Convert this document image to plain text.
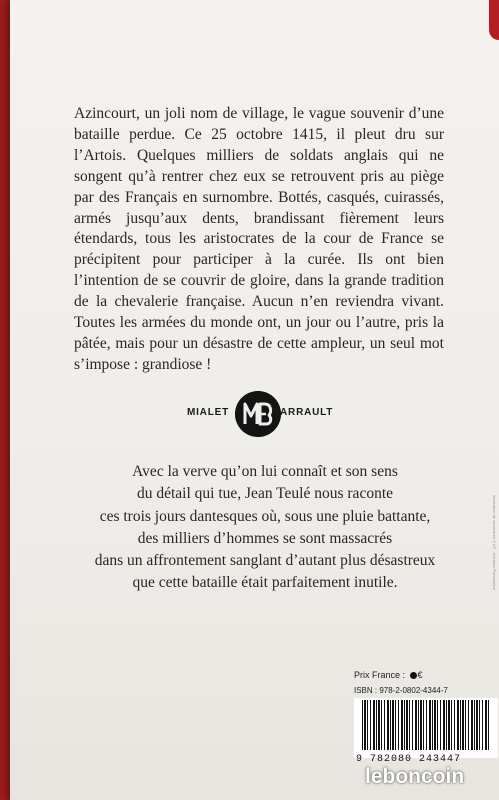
Azincourt, un joli nom de village, le vague souvenir d’une bataille perdue. Ce 25 octobre 1415, il pleut dru sur l’Artois. Quelques milliers de soldats anglais qui ne songent qu’à rentrer chez eux se retrouvent pris au piège par des Français en surnombre. Bottés, casqués, cuirassés, armés jusqu’aux dents, brandissant fièrement leurs étendards, tous les aristocrates de la cour de France se précipitent pour participer à la curée. Ils ont bien l’intention de se couvrir de gloire, dans la grande tradition de la chevalerie française. Aucun n’en reviendra vivant. Toutes les armées du monde ont, un jour ou l’autre, pris la pâtée, mais pour un désastre de cette ampleur, un seul mot s’impose : grandiose !

MIALET	BARRAULT
Avec la verve qu’on lui connaît et son sens
du détail qui tue, Jean Teulé nous raconte
ces trois jours dantesques où, sous une pluie battante,
des milliers d’hommes se sont massacrés
dans un affrontement sanglant d’autant plus désastreux
que cette bataille était parfaitement inutile.	Illustration de couverture © AF - Archives Flammarion
Prix France : €
ISBN : 978-2-0802-4344-7
9 782080 243447
leboncoin
